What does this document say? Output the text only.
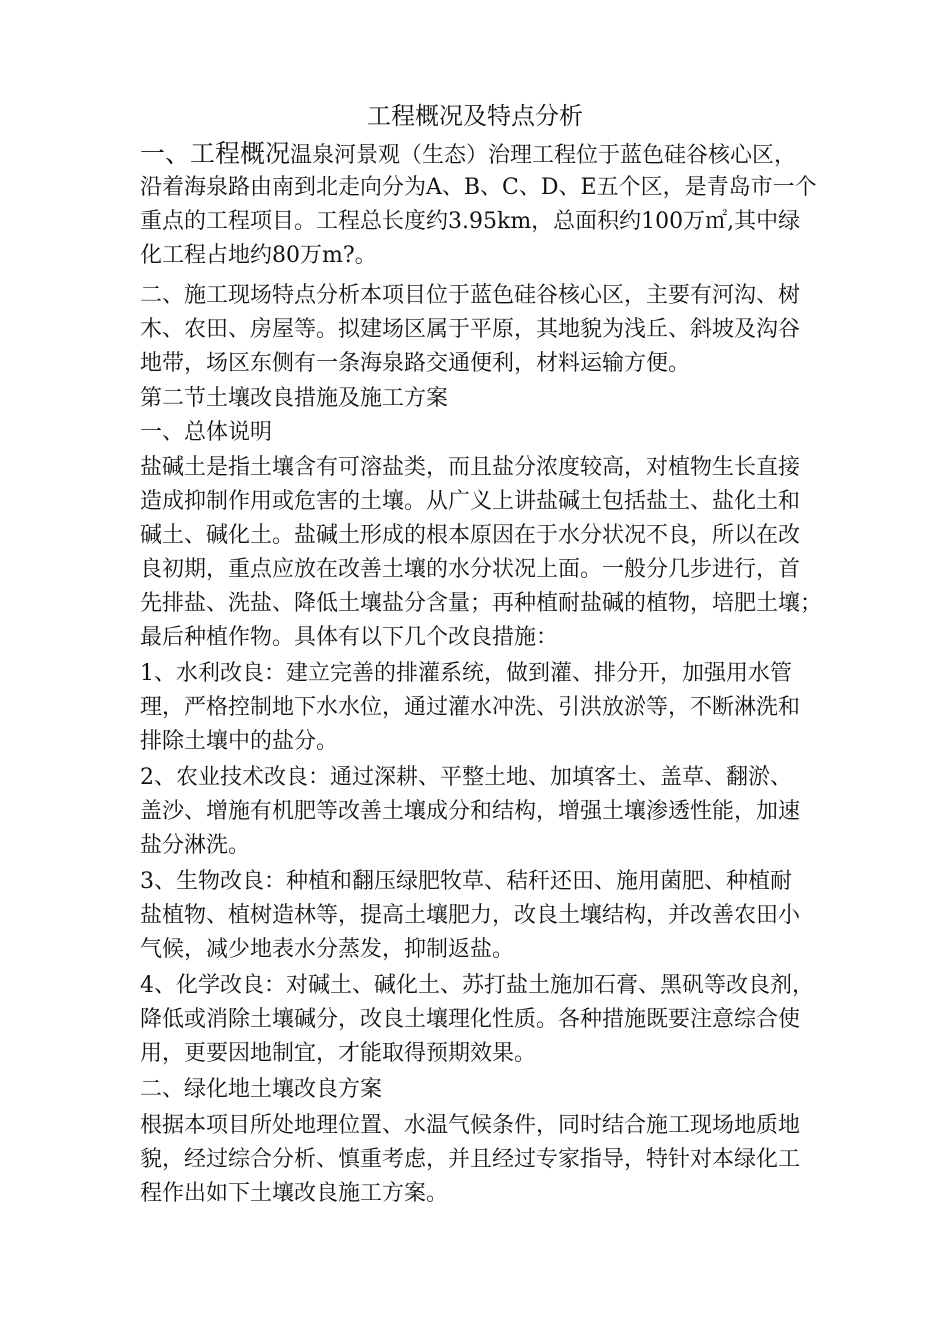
工程概况及特点分析
一、工程概况温泉河景观（生态）治理工程位于蓝色硅谷核心区，
沿着海泉路由南到北走向分为A、B、C、D、E五个区，是青岛市一个
重点的工程项目。工程总长度约3.95km，总面积约100万㎡,其中绿
化工程占地约80万m?。
二、施工现场特点分析本项目位于蓝色硅谷核心区，主要有河沟、树
木、农田、房屋等。拟建场区属于平原，其地貌为浅丘、斜坡及沟谷
地带，场区东侧有一条海泉路交通便利，材料运输方便。
第二节土壤改良措施及施工方案
一、总体说明
盐碱土是指土壤含有可溶盐类，而且盐分浓度较高，对植物生长直接
造成抑制作用或危害的土壤。从广义上讲盐碱土包括盐土、盐化土和
碱土、碱化土。盐碱土形成的根本原因在于水分状况不良，所以在改
良初期，重点应放在改善土壤的水分状况上面。一般分几步进行，首
先排盐、洗盐、降低土壤盐分含量；再种植耐盐碱的植物，培肥土壤；
最后种植作物。具体有以下几个改良措施：
1、水利改良：建立完善的排灌系统，做到灌、排分开，加强用水管
理，严格控制地下水水位，通过灌水冲洗、引洪放淤等，不断淋洗和
排除土壤中的盐分。
2、农业技术改良：通过深耕、平整土地、加填客土、盖草、翻淤、
盖沙、增施有机肥等改善土壤成分和结构，增强土壤渗透性能，加速
盐分淋洗。
3、生物改良：种植和翻压绿肥牧草、秸秆还田、施用菌肥、种植耐
盐植物、植树造林等，提高土壤肥力，改良土壤结构，并改善农田小
气候，减少地表水分蒸发，抑制返盐。
4、化学改良：对碱土、碱化土、苏打盐土施加石膏、黑矾等改良剂，
降低或消除土壤碱分，改良土壤理化性质。各种措施既要注意综合使
用，更要因地制宜，才能取得预期效果。
二、绿化地土壤改良方案
根据本项目所处地理位置、水温气候条件，同时结合施工现场地质地
貌，经过综合分析、慎重考虑，并且经过专家指导，特针对本绿化工
程作出如下土壤改良施工方案。
